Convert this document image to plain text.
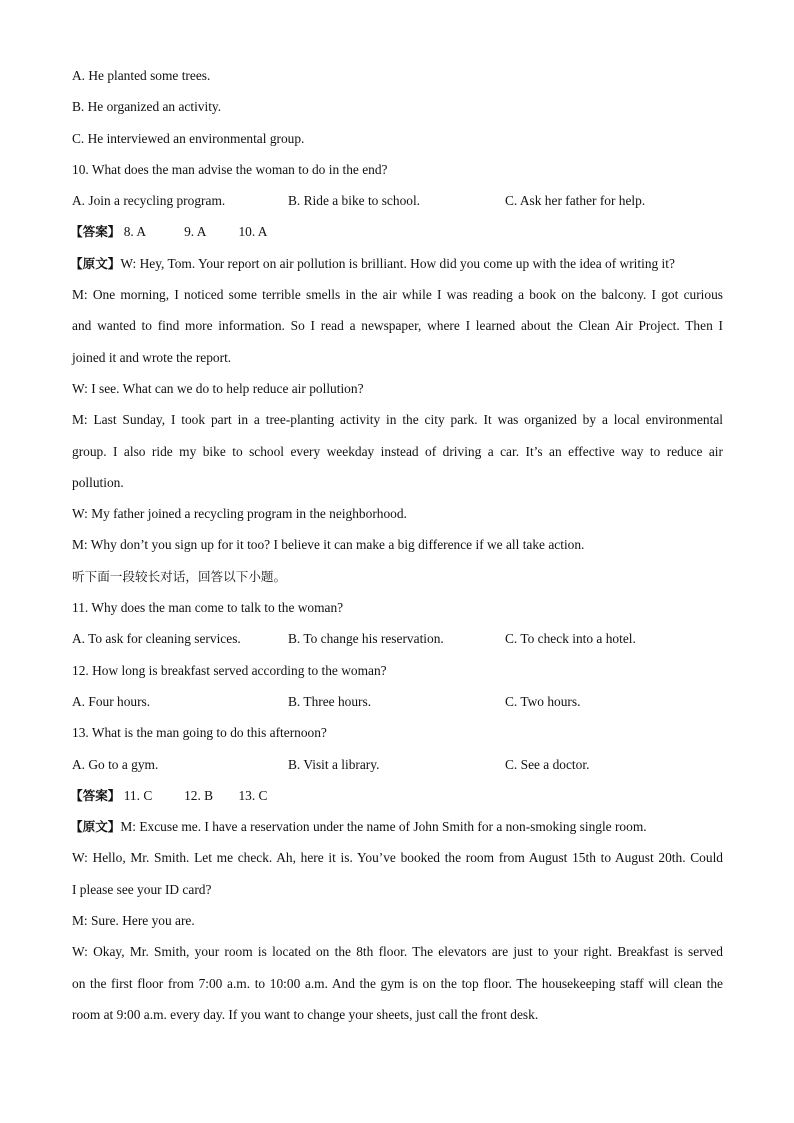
A. He planted some trees.
B. He organized an activity.
C. He interviewed an environmental group.
10. What does the man advise the woman to do in the end?
A. Join a recycling program.	B. Ride a bike to school.	C. Ask her father for help.
【答案】 8. A	9. A 10. A
【原文】W: Hey, Tom. Your report on air pollution is brilliant. How did you come up with the idea of writing it?
M: One morning, I noticed some terrible smells in the air while I was reading a book on the balcony. I got curious
and wanted to find more information. So I read a newspaper, where I learned about the Clean Air Project. Then I
joined it and wrote the report.
W: I see. What can we do to help reduce air pollution?
M: Last Sunday, I took part in a tree-planting activity in the city park. It was organized by a local environmental
group. I also ride my bike to school every weekday instead of driving a car. It’s an effective way to reduce air
pollution.
W: My father joined a recycling program in the neighborhood.
M: Why don’t you sign up for it too? I believe it can make a big difference if we all take action.
听下面一段较长对话，回答以下小题。
11. Why does the man come to talk to the woman?
A. To ask for cleaning services.	B. To change his reservation.	C. To check into a hotel.
12. How long is breakfast served according to the woman?
A. Four hours.	B. Three hours.	C. Two hours.
13. What is the man going to do this afternoon?
A. Go to a gym.	B. Visit a library.	C. See a doctor.
【答案】 11. C 12. B 13. C
【原文】M: Excuse me. I have a reservation under the name of John Smith for a non-smoking single room.
W: Hello, Mr. Smith. Let me check. Ah, here it is. You’ve booked the room from August 15th to August 20th. Could
I please see your ID card?
M: Sure. Here you are.
W: Okay, Mr. Smith, your room is located on the 8th floor. The elevators are just to your right. Breakfast is served
on the first floor from 7:00 a.m. to 10:00 a.m. And the gym is on the top floor. The housekeeping staff will clean the
room at 9:00 a.m. every day. If you want to change your sheets, just call the front desk.
